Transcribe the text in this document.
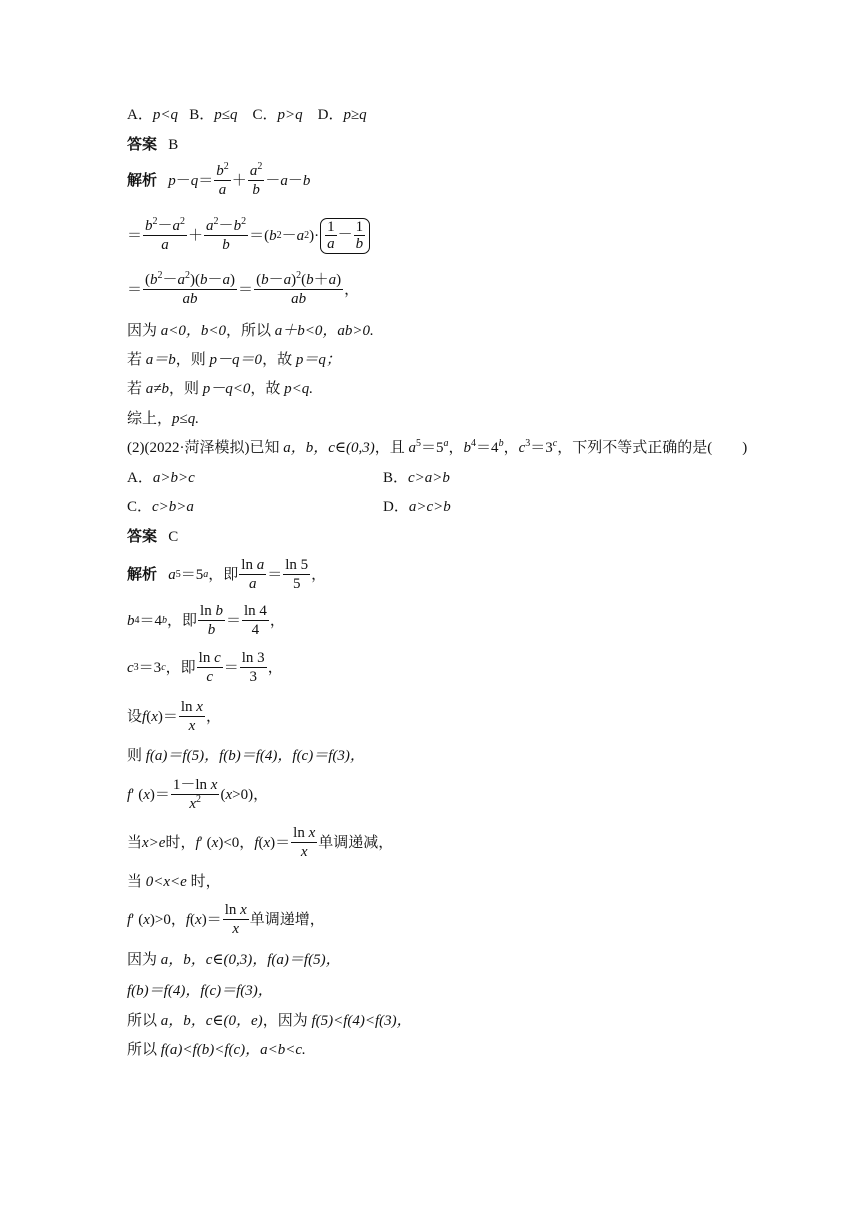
A．p<q B．p≤q C．p>q D．p≥q
答案 B
解析
p － q ＝
$b^2$
a
＋
$a^2$
b
－ a － b
＝
$b^2-a^2$
a
＋
$a^2-b^2$
b
＝( b 2 － a 2 )· $\frac{1}{a} - \frac{1}{b}$
＝
$(b^2-a^2)(b-a)$
ab
＝
$(b-a)^2(b+a)$
ab
，
因为 a<0，b<0，所以 a＋b<0，ab>0.
若 a＝b，则 p－q＝0，故 p＝q；
若 a≠b，则 p－q<0，故 p<q.
综上，p≤q.
(2)(2022·菏泽模拟)已知 a，b，c∈(0,3)，且 $a^5=5^a$，$b^4=4^b$，$c^3=3^c$，下列不等式正确的是(　　)
A．a>b>c	B．c>a>b
C．c>b>a	D．a>c>b
答案 C
解析
a 5 ＝5 a ，即
ln a
a
＝
ln 5
5
，
b 4 ＝4 b ，即
ln b
b
＝
ln 4
4
，
c 3 ＝3 c ，即
ln c
c
＝
ln 3
3
，
设 f ( x )＝
ln x
x
，
则 f(a)＝f(5)，f(b)＝f(4)，f(c)＝f(3)，
f ′ ( x )＝
1－ln x
$x^2$ ( x >0)，
当 x>e 时， f ′ ( x )<0， f ( x )＝
ln x
x
单调递减，
当 0<x<e 时，
f ′ ( x )>0， f ( x )＝
ln x
x
单调递增，
因为 a，b，c∈(0,3)，f(a)＝f(5)，
f(b)＝f(4)，f(c)＝f(3)，
所以 a，b，c∈(0，e)，因为 f(5)<f(4)<f(3)，
所以 f(a)<f(b)<f(c)，a<b<c.
